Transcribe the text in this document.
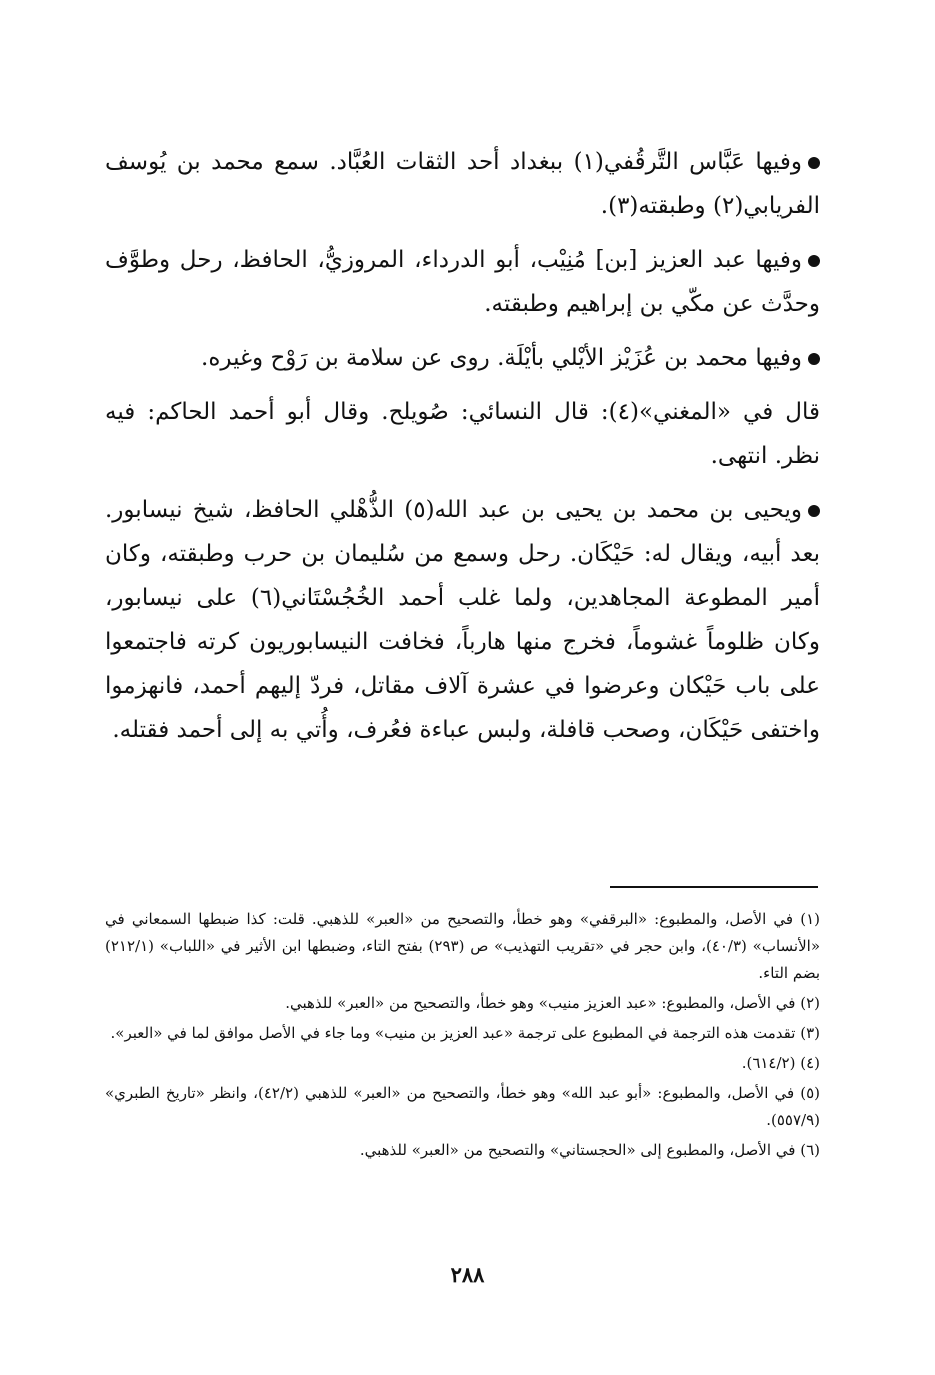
وفيها عَبَّاس التَّرقُفي(١) ببغداد أحد الثقات العُبَّاد. سمع محمد بن يُوسف الفريابي(٢) وطبقته(٣).

وفيها عبد العزيز [بن] مُنِيْب، أبو الدرداء، المروزيُّ، الحافظ، رحل وطوَّف وحدَّث عن مكّي بن إبراهيم وطبقته.

وفيها محمد بن عُزَيْز الأيْلي بأيْلَة. روى عن سلامة بن رَوْح وغيره.

قال في «المغني»(٤): قال النسائي: صُويلح. وقال أبو أحمد الحاكم: فيه نظر. انتهى.

ويحيى بن محمد بن يحيى بن عبد الله(٥) الذُّهْلي الحافظ، شيخ نيسابور. بعد أبيه، ويقال له: حَيْكَان. رحل وسمع من سُليمان بن حرب وطبقته، وكان أمير المطوعة المجاهدين، ولما غلب أحمد الخُجُسْتَاني(٦) على نيسابور، وكان ظلوماً غشوماً، فخرج منها هارباً، فخافت النيسابوريون كرته فاجتمعوا على باب حَيْكان وعرضوا في عشرة آلاف مقاتل، فردّ إليهم أحمد، فانهزموا واختفى حَيْكَان، وصحب قافلة، ولبس عباءة فعُرف، وأُتي به إلى أحمد فقتله.

(١) في الأصل، والمطبوع: «البرقفي» وهو خطأ، والتصحيح من «العبر» للذهبي. قلت: كذا ضبطها السمعاني في «الأنساب» (٤٠/٣)، وابن حجر في «تقريب التهذيب» ص (٢٩٣) بفتح التاء، وضبطها ابن الأثير في «اللباب» (٢١٢/١) بضم التاء.

(٢) في الأصل، والمطبوع: «عبد العزيز منيب» وهو خطأ، والتصحيح من «العبر» للذهبي.

(٣) تقدمت هذه الترجمة في المطبوع على ترجمة «عبد العزيز بن منيب» وما جاء في الأصل موافق لما في «العبر».

(٤) (٦١٤/٢).

(٥) في الأصل، والمطبوع: «أبو عبد الله» وهو خطأ، والتصحيح من «العبر» للذهبي (٤٢/٢)، وانظر «تاريخ الطبري» (٥٥٧/٩).

(٦) في الأصل، والمطبوع إلى «الحجستاني» والتصحيح من «العبر» للذهبي.

٢٨٨
